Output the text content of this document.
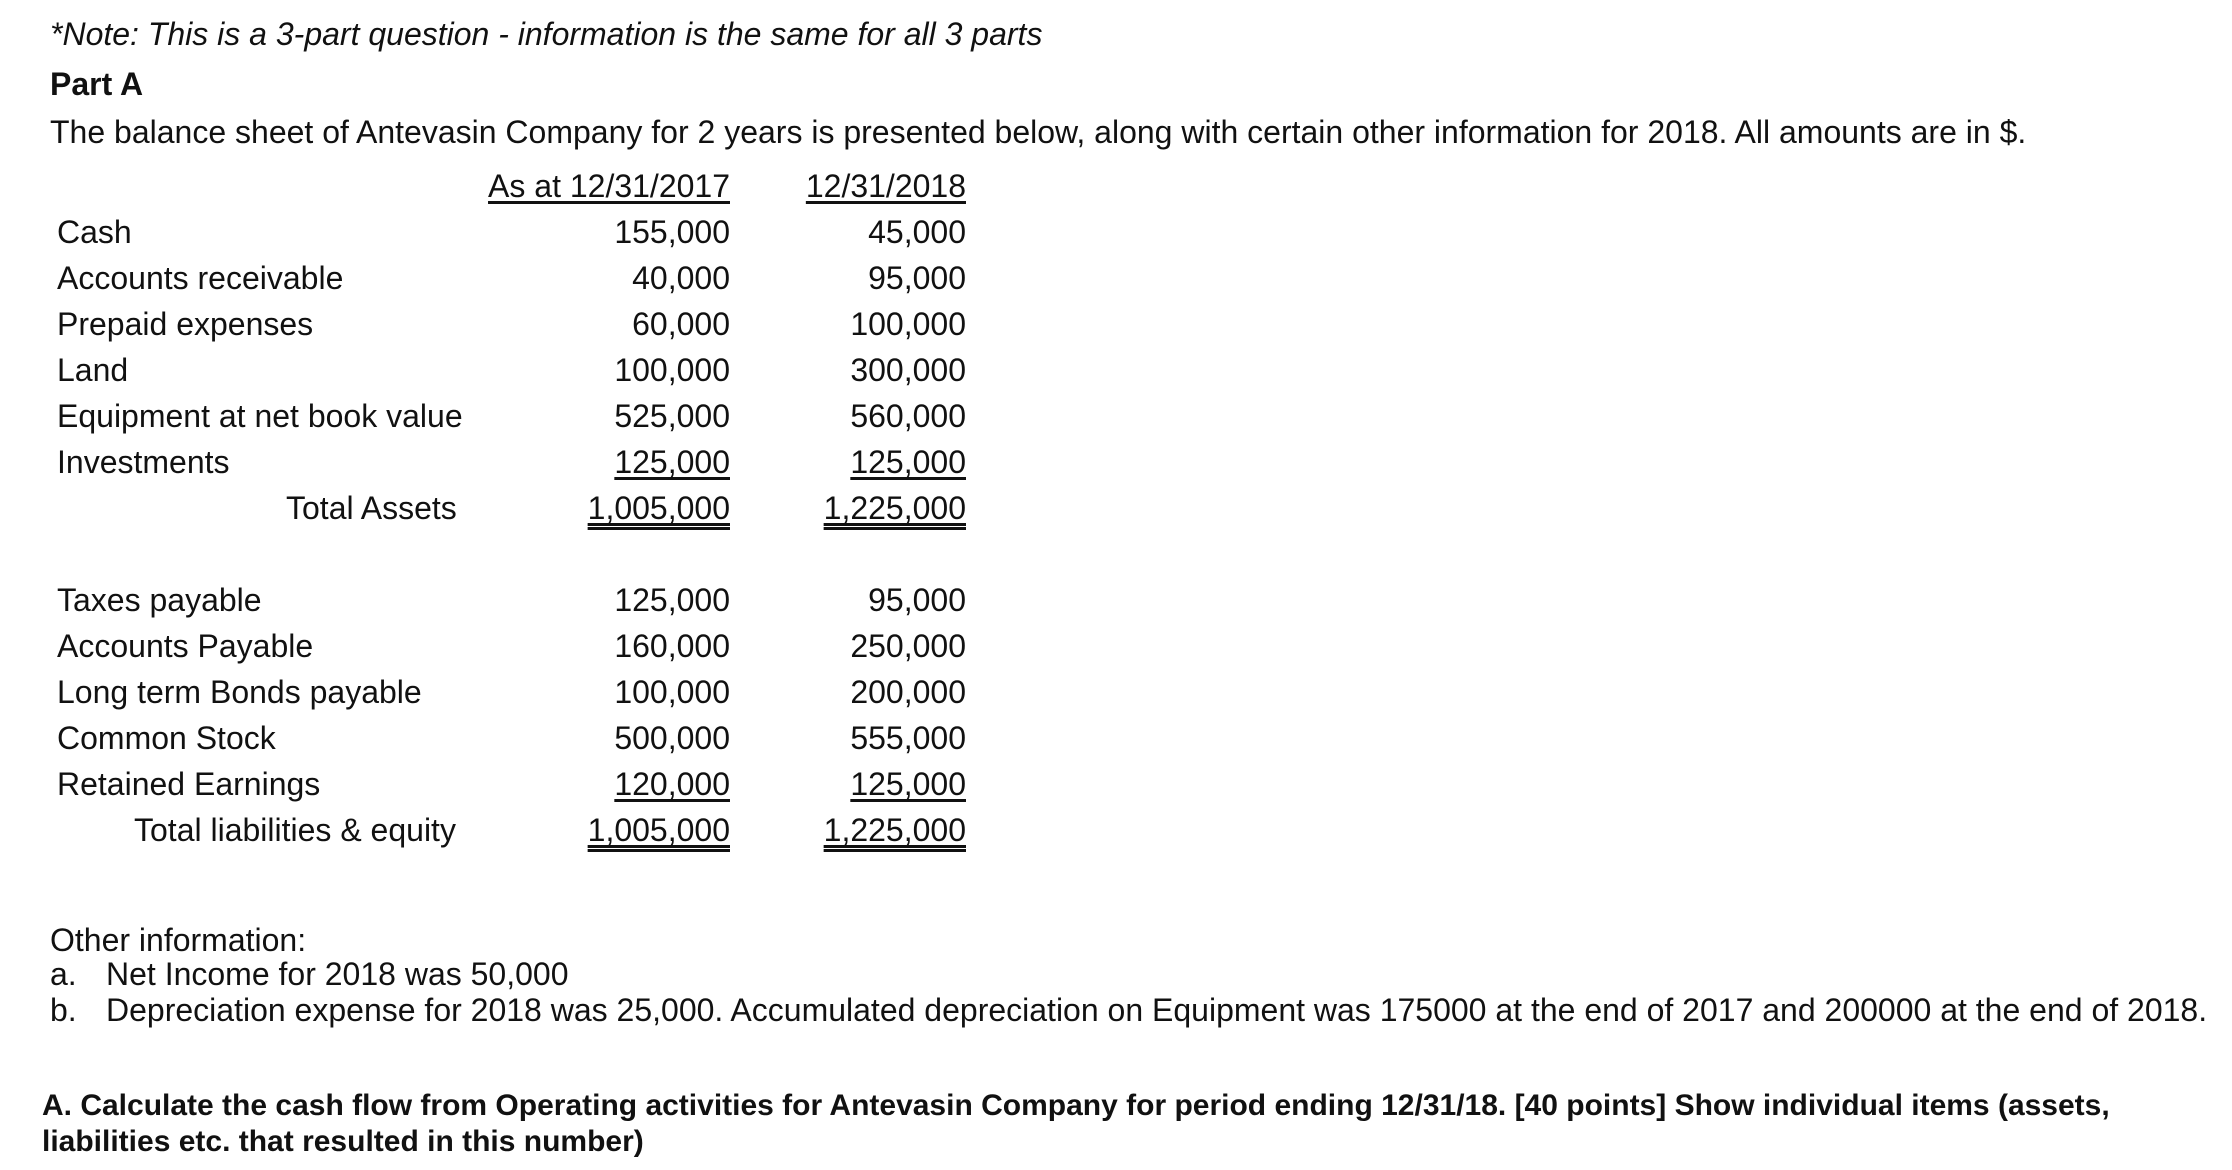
*Note: This is a 3-part question - information is the same for all 3 parts
Part A
The balance sheet of Antevasin Company for 2 years is presented below, along with certain other information for 2018. All amounts are in $.
As at 12/31/2017 12/31/2018
Cash	155,000	45,000
Accounts receivable	40,000	95,000
Prepaid expenses	60,000	100,000
Land	100,000	300,000
Equipment at net book value	525,000	560,000
Investments	125,000	125,000
Total Assets	1,005,000	1,225,000
Taxes payable	125,000	95,000
Accounts Payable	160,000	250,000
Long term Bonds payable	100,000	200,000
Common Stock	500,000	555,000
Retained Earnings	120,000	125,000
Total liabilities & equity	1,005,000	1,225,000
Other information:
a. Net Income for 2018 was 50,000
b. Depreciation expense for 2018 was 25,000. Accumulated depreciation on Equipment was 175000 at the end of 2017 and 200000 at the end of 2018.
A. Calculate the cash flow from Operating activities for Antevasin Company for period ending 12/31/18. [40 points] Show individual items (assets, liabilities etc. that resulted in this number)
